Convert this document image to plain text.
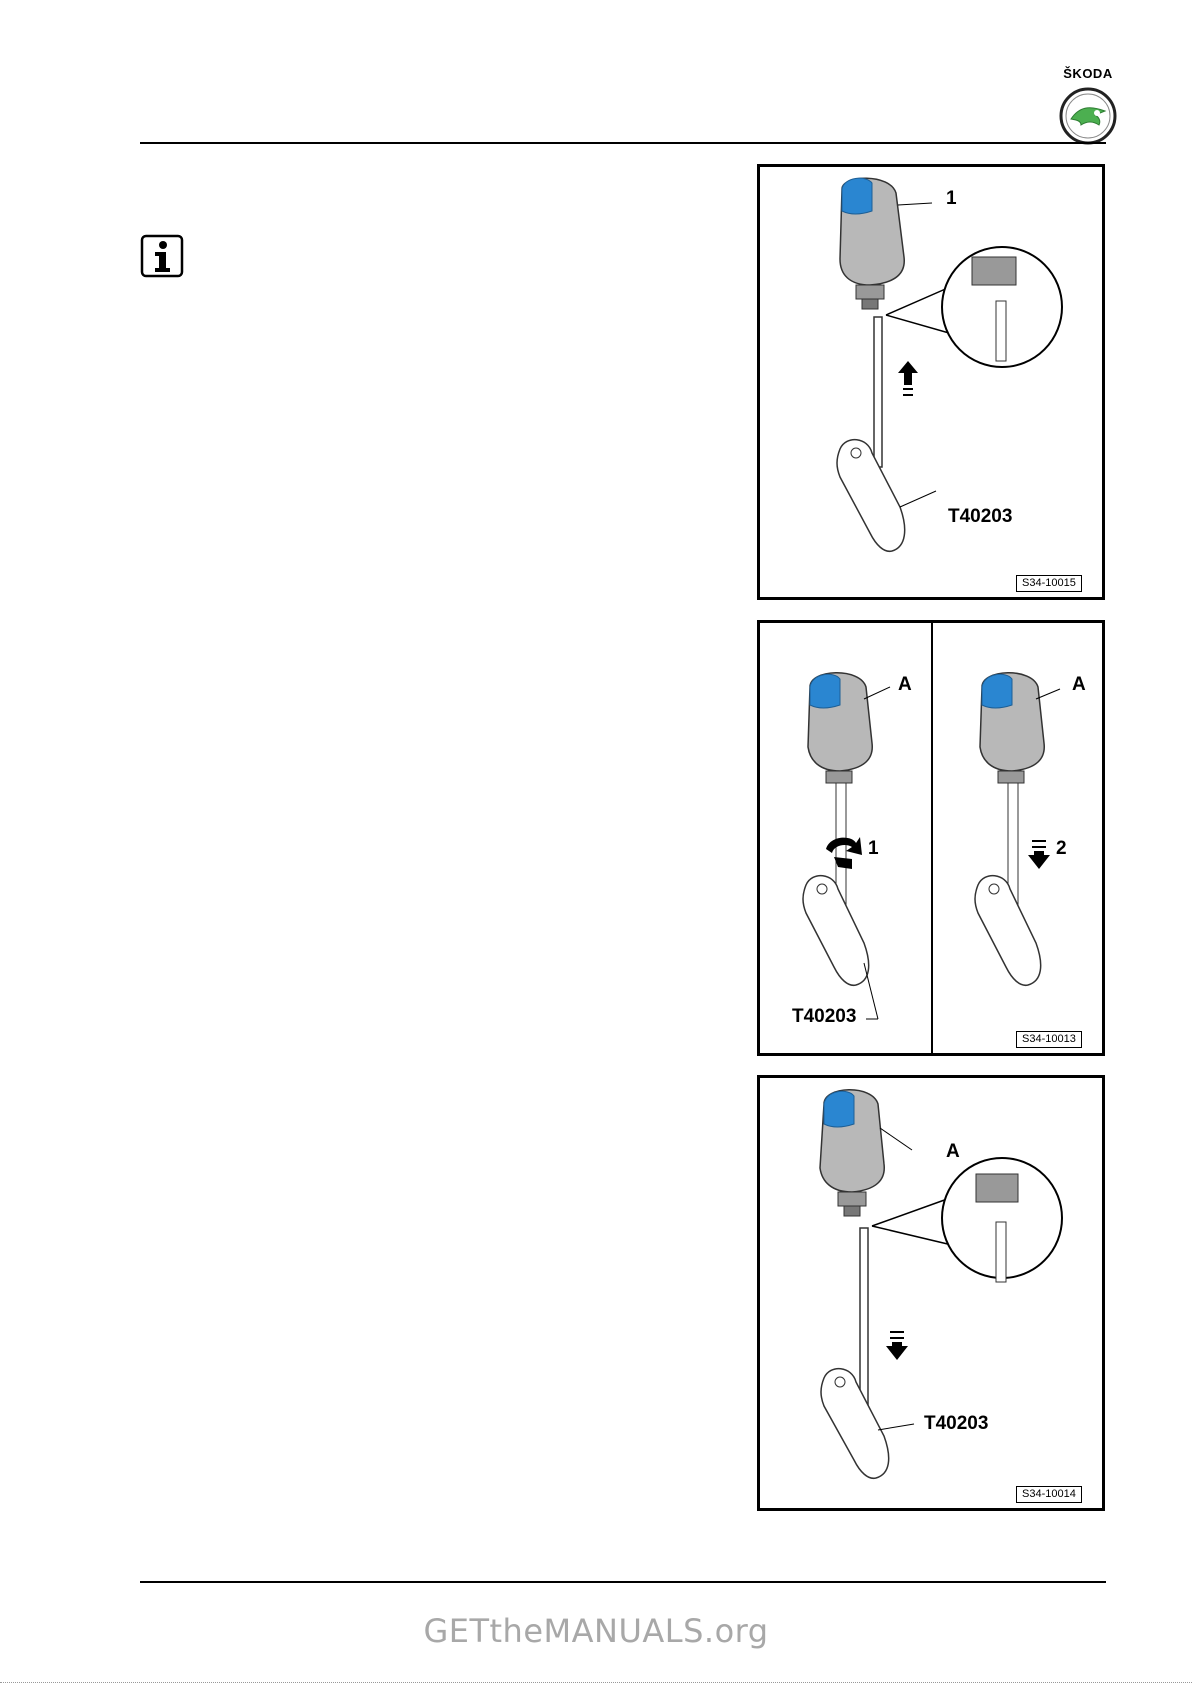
ŠKODA
1
T40203
S34-10015
A
1
T40203
A
2
S34-10013
A
T40203
S34-10014
GETtheMANUALS.org
